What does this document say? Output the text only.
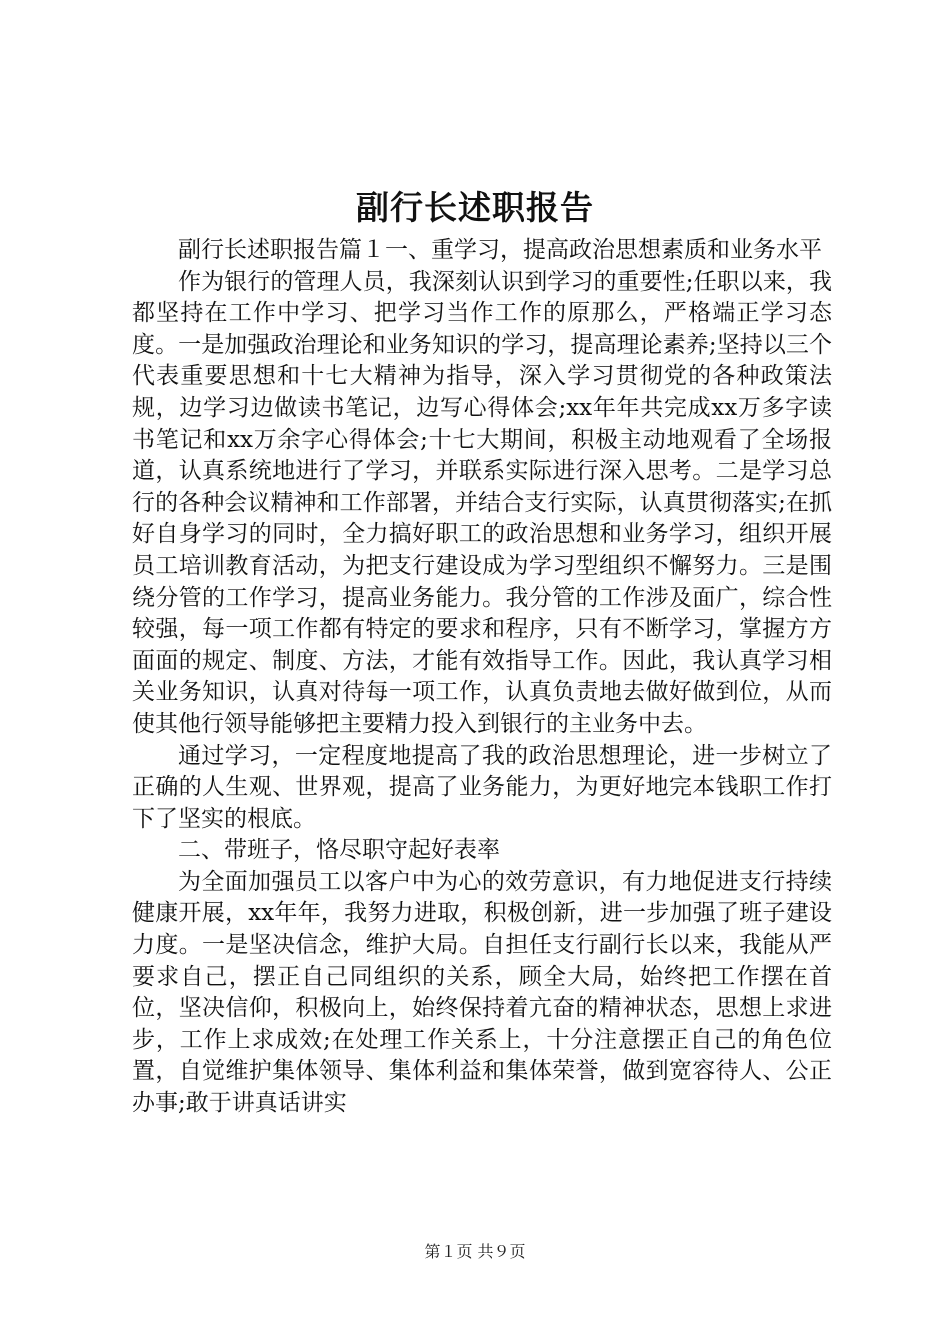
副行长述职报告

副行长述职报告篇１一、重学习，提高政治思想素质和业务水平

作为银行的管理人员，我深刻认识到学习的重要性;任职以来，我都坚持在工作中学习、把学习当作工作的原那么，严格端正学习态度。一是加强政治理论和业务知识的学习，提高理论素养;坚持以三个代表重要思想和十七大精神为指导，深入学习贯彻党的各种政策法规，边学习边做读书笔记，边写心得体会;xx年年共完成xx万多字读书笔记和xx万余字心得体会;十七大期间，积极主动地观看了全场报道，认真系统地进行了学习，并联系实际进行深入思考。二是学习总行的各种会议精神和工作部署，并结合支行实际，认真贯彻落实;在抓好自身学习的同时，全力搞好职工的政治思想和业务学习，组织开展员工培训教育活动，为把支行建设成为学习型组织不懈努力。三是围绕分管的工作学习，提高业务能力。我分管的工作涉及面广，综合性较强，每一项工作都有特定的要求和程序，只有不断学习，掌握方方面面的规定、制度、方法，才能有效指导工作。因此，我认真学习相关业务知识，认真对待每一项工作，认真负责地去做好做到位，从而使其他行领导能够把主要精力投入到银行的主业务中去。

通过学习，一定程度地提高了我的政治思想理论，进一步树立了正确的人生观、世界观，提高了业务能力，为更好地完本钱职工作打下了坚实的根底。

二、带班子，恪尽职守起好表率

为全面加强员工以客户中为心的效劳意识，有力地促进支行持续健康开展，xx年年，我努力进取，积极创新，进一步加强了班子建设力度。一是坚决信念，维护大局。自担任支行副行长以来，我能从严要求自己，摆正自己同组织的关系，顾全大局，始终把工作摆在首位，坚决信仰，积极向上，始终保持着亢奋的精神状态，思想上求进步，工作上求成效;在处理工作关系上，十分注意摆正自己的角色位置，自觉维护集体领导、集体利益和集体荣誉，做到宽容待人、公正办事;敢于讲真话讲实

第１页 共９页
